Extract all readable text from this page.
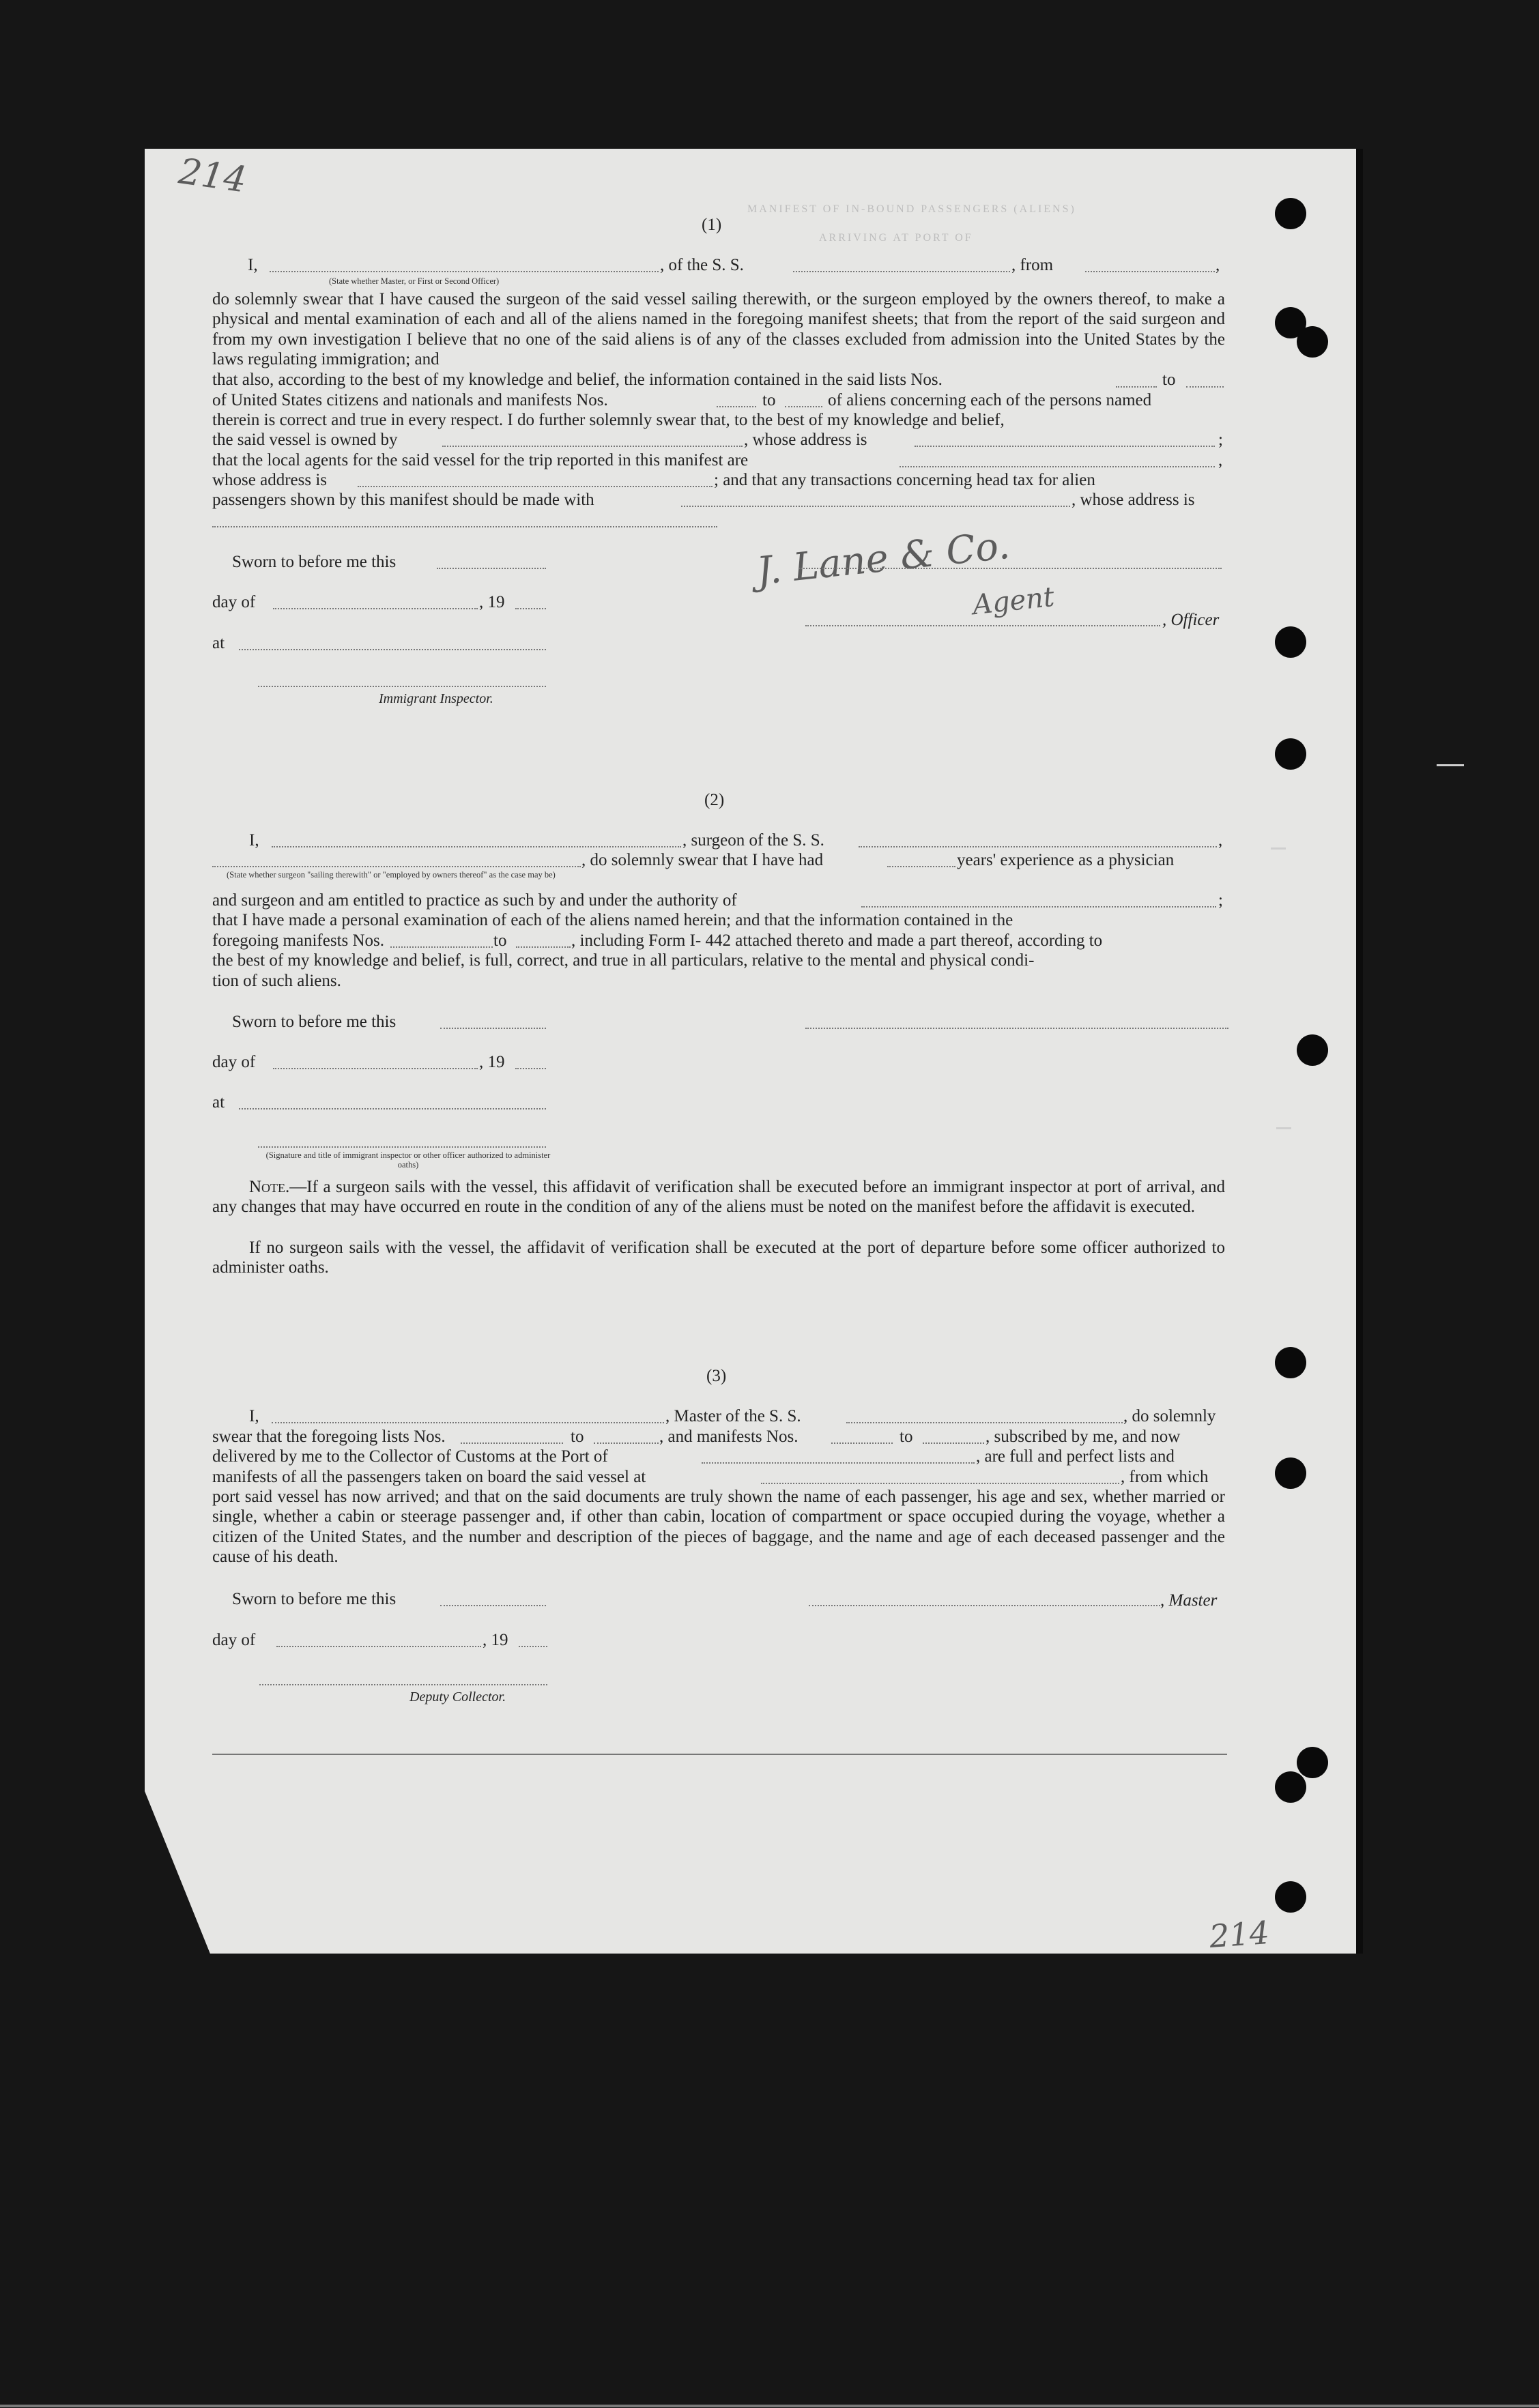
MANIFEST OF IN-BOUND PASSENGERS (ALIENS)
ARRIVING AT PORT OF
214
214
J. Lane & Co.
Agent
(1)
I,	, of the S. S.	, from	,
(State whether Master, or First or Second Officer)
do solemnly swear that I have caused the surgeon of the said vessel sailing therewith, or the surgeon employed by the owners thereof, to make a physical and mental examination of each and all of the aliens named in the foregoing manifest sheets; that from the report of the said surgeon and from my own investigation I believe that no one of the said aliens is of any of the classes excluded from admission into the United States by the laws regulating immigration; and
that also, according to the best of my knowledge and belief, the information contained in the said lists Nos.	to
of United States citizens and nationals and manifests Nos.	to	of aliens concerning each of the persons named
therein is correct and true in every respect. I do further solemnly swear that, to the best of my knowledge and belief,
the said vessel is owned by	, whose address is	;
that the local agents for the said vessel for the trip reported in this manifest are	,
whose address is	; and that any transactions concerning head tax for alien
passengers shown by this manifest should be made with	, whose address is
Sworn to before me this
day of	, 19
, Officer
at
Immigrant Inspector.
(2)
I,	, surgeon of the S. S.	,
, do solemnly swear that I have had	years' experience as a physician
(State whether surgeon "sailing therewith" or "employed by owners thereof" as the case may be)
and surgeon and am entitled to practice as such by and under the authority of	;
that I have made a personal examination of each of the aliens named herein; and that the information contained in the
foregoing manifests Nos.	to	, including Form I- 442 attached thereto and made a part thereof, according to
the best of my knowledge and belief, is full, correct, and true in all particulars, relative to the mental and physical condi-
tion of such aliens.
Sworn to before me this
day of	, 19
at
(Signature and title of immigrant inspector or other officer authorized to administer oaths)
Note.—If a surgeon sails with the vessel, this affidavit of verification shall be executed before an immigrant inspector at port of arrival, and any changes that may have occurred en route in the condition of any of the aliens must be noted on the manifest before the affidavit is executed.
If no surgeon sails with the vessel, the affidavit of verification shall be executed at the port of departure before some officer authorized to administer oaths.
(3)
I,	, Master of the S. S.	, do solemnly
swear that the foregoing lists Nos.	to	, and manifests Nos.	to	, subscribed by me, and now
delivered by me to the Collector of Customs at the Port of	, are full and perfect lists and
manifests of all the passengers taken on board the said vessel at	, from which
port said vessel has now arrived; and that on the said documents are truly shown the name of each passenger, his age and sex, whether married or single, whether a cabin or steerage passenger and, if other than cabin, location of compartment or space occupied during the voyage, whether a citizen of the United States, and the number and description of the pieces of baggage, and the name and age of each deceased passenger and the cause of his death.
Sworn to before me this	, Master
day of	, 19
Deputy Collector.
